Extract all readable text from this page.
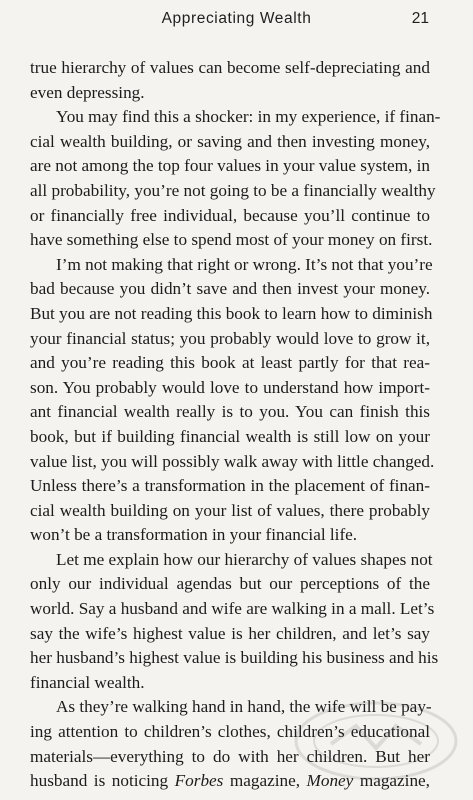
Appreciating Wealth	21
true hierarchy of values can become self-depreciating and
even depressing.
You may find this a shocker: in my experience, if finan-
cial wealth building, or saving and then investing money,
are not among the top four values in your value system, in
all probability, you’re not going to be a financially wealthy
or financially free individual, because you’ll continue to
have something else to spend most of your money on first.
I’m not making that right or wrong. It’s not that you’re
bad because you didn’t save and then invest your money.
But you are not reading this book to learn how to diminish
your financial status; you probably would love to grow it,
and you’re reading this book at least partly for that rea-
son. You probably would love to understand how import-
ant financial wealth really is to you. You can finish this
book, but if building financial wealth is still low on your
value list, you will possibly walk away with little changed.
Unless there’s a transformation in the placement of finan-
cial wealth building on your list of values, there probably
won’t be a transformation in your financial life.
Let me explain how our hierarchy of values shapes not
only our individual agendas but our perceptions of the
world. Say a husband and wife are walking in a mall. Let’s
say the wife’s highest value is her children, and let’s say
her husband’s highest value is building his business and his
financial wealth.
As they’re walking hand in hand, the wife will be pay-
ing attention to children’s clothes, children’s educational
materials—everything to do with her children. But her
husband is noticing Forbes magazine, Money magazine,
